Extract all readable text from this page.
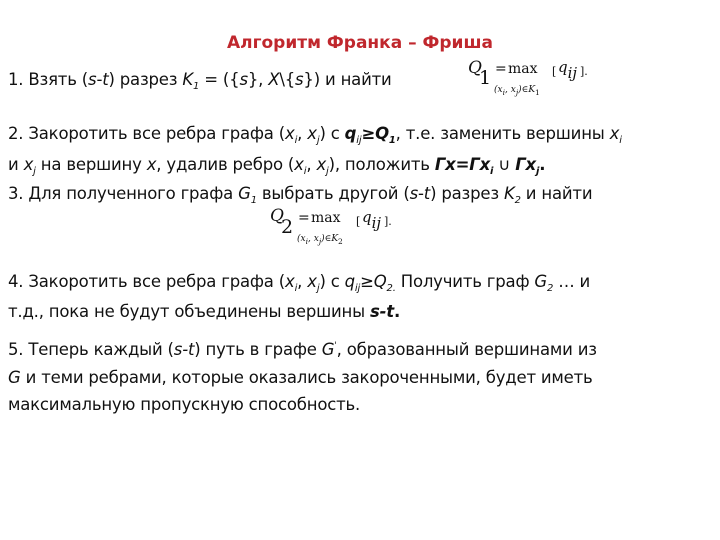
Алгоритм Франка – Фриша
1. Взять (s-t) разрез $K_1 = (\{s\}$, X\{s}) и найти
Q
1 = max [ qij ].
($x_i$, $x_j)\in K_1$
2. Закоротить все ребра графа ($x_i$, $x_j$) с $q_{ij}\ge Q_1$, т.е. заменить вершины $x_i$
и $x_j$ на вершину x, удалив ребро ($x_i$, $x_j$), положить $Гx=Гx_i$ ∪ $Гx_j$.
3. Для полученного графа $G_1$ выбрать другой (s-t) разрез $K_2$ и найти
Q
2 = max [ qij ].
($x_i$, $x_j)\in K_2$
4. Закоротить все ребра графа ($x_i$, $x_j$) с $q_{ij}\ge Q_{2.}$ Получить граф $G_2$ … и
т.д., пока не будут объединены вершины s-t.
5. Теперь каждый (s-t) путь в графе G', образованный вершинами из
G и теми ребрами, которые оказались закороченными, будет иметь
максимальную пропускную способность.
